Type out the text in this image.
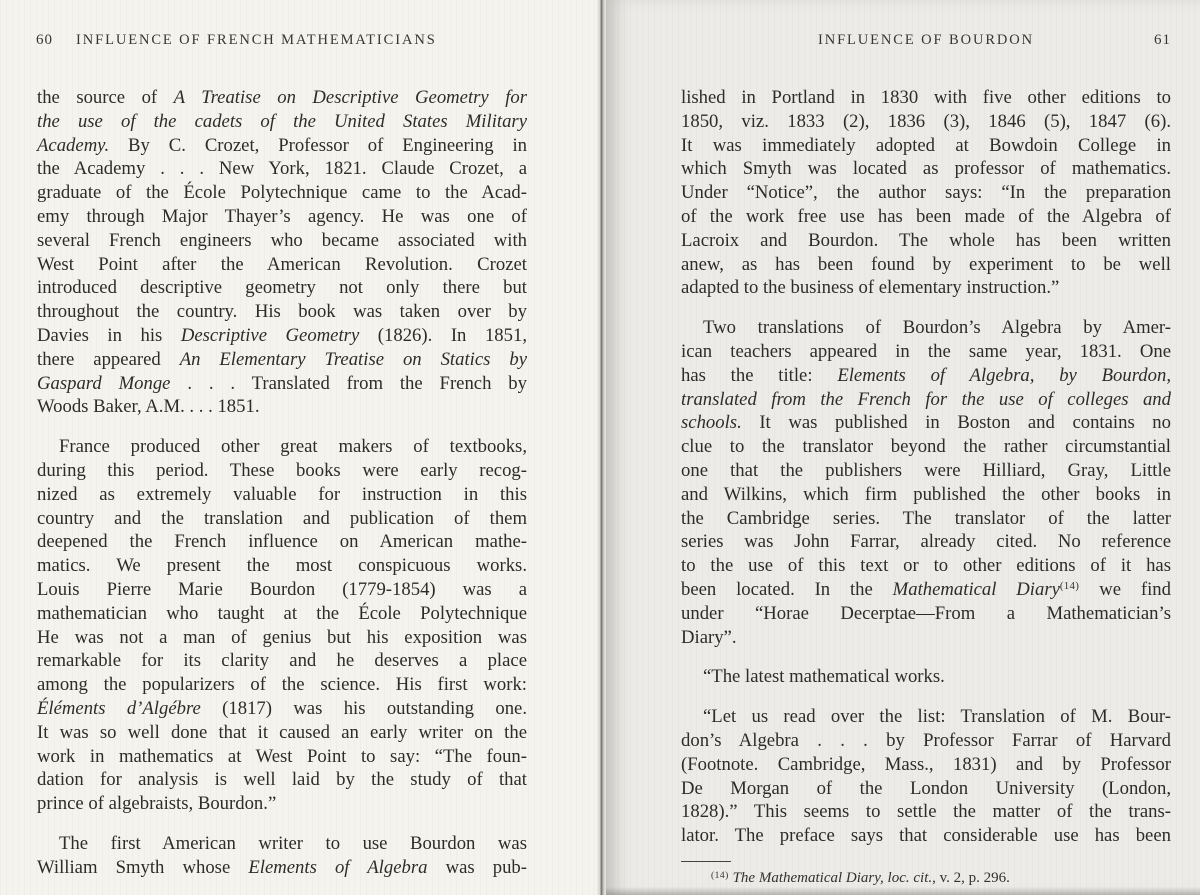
60 INFLUENCE OF FRENCH MATHEMATICIANS
the source of A Treatise on Descriptive Geometry for
the use of the cadets of the United States Military
Academy. By C. Crozet, Professor of Engineering in
the Academy . . . New York, 1821. Claude Crozet, a
graduate of the École Polytechnique came to the Acad-
emy through Major Thayer’s agency. He was one of
several French engineers who became associated with
West Point after the American Revolution. Crozet
introduced descriptive geometry not only there but
throughout the country. His book was taken over by
Davies in his Descriptive Geometry (1826). In 1851,
there appeared An Elementary Treatise on Statics by
Gaspard Monge . . . Translated from the French by
Woods Baker, A.M. . . . 1851.
France produced other great makers of textbooks,
during this period. These books were early recog-
nized as extremely valuable for instruction in this
country and the translation and publication of them
deepened the French influence on American mathe-
matics. We present the most conspicuous works.
Louis Pierre Marie Bourdon (1779-1854) was a
mathematician who taught at the École Polytechnique
He was not a man of genius but his exposition was
remarkable for its clarity and he deserves a place
among the popularizers of the science. His first work:
Éléments d’Algébre (1817) was his outstanding one.
It was so well done that it caused an early writer on the
work in mathematics at West Point to say: “The foun-
dation for analysis is well laid by the study of that
prince of algebraists, Bourdon.”
The first American writer to use Bourdon was
William Smyth whose Elements of Algebra was pub-
INFLUENCE OF BOURDON	61
lished in Portland in 1830 with five other editions to
1850, viz. 1833 (2), 1836 (3), 1846 (5), 1847 (6).
It was immediately adopted at Bowdoin College in
which Smyth was located as professor of mathematics.
Under “Notice”, the author says: “In the preparation
of the work free use has been made of the Algebra of
Lacroix and Bourdon. The whole has been written
anew, as has been found by experiment to be well
adapted to the business of elementary instruction.”
Two translations of Bourdon’s Algebra by Amer-
ican teachers appeared in the same year, 1831. One
has the title: Elements of Algebra, by Bourdon,
translated from the French for the use of colleges and
schools. It was published in Boston and contains no
clue to the translator beyond the rather circumstantial
one that the publishers were Hilliard, Gray, Little
and Wilkins, which firm published the other books in
the Cambridge series. The translator of the latter
series was John Farrar, already cited. No reference
to the use of this text or to other editions of it has
been located. In the Mathematical Diary$^{(14)}$ we find
under “Horae Decerptae—From a Mathematician’s
Diary”.
“The latest mathematical works.
“Let us read over the list: Translation of M. Bour-
don’s Algebra . . . by Professor Farrar of Harvard
(Footnote. Cambridge, Mass., 1831) and by Professor
De Morgan of the London University (London,
1828).” This seems to settle the matter of the trans-
lator. The preface says that considerable use has been
$^{(14)}$ The Mathematical Diary, loc. cit., v. 2, p. 296.
